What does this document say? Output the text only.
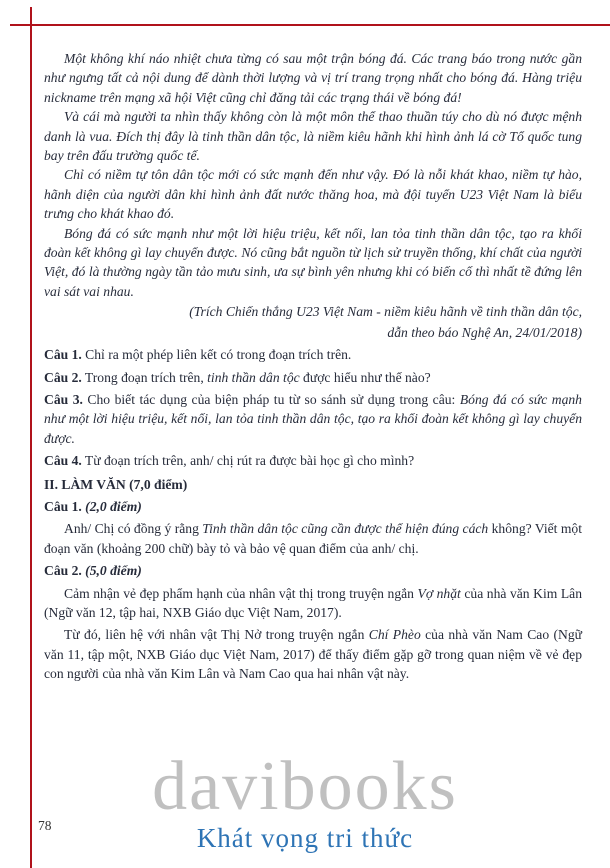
Một không khí náo nhiệt chưa từng có sau một trận bóng đá. Các trang báo trong nước gần như ngưng tất cả nội dung để dành thời lượng và vị trí trang trọng nhất cho bóng đá. Hàng triệu nickname trên mạng xã hội Việt cũng chỉ đăng tải các trạng thái về bóng đá!

Và cái mà người ta nhìn thấy không còn là một môn thể thao thuần túy cho dù nó được mệnh danh là vua. Đích thị đây là tinh thần dân tộc, là niềm kiêu hãnh khi hình ảnh lá cờ Tổ quốc tung bay trên đấu trường quốc tế.

Chỉ có niềm tự tôn dân tộc mới có sức mạnh đến như vậy. Đó là nỗi khát khao, niềm tự hào, hãnh diện của người dân khi hình ảnh đất nước thăng hoa, mà đội tuyển U23 Việt Nam là biểu trưng cho khát khao đó.

Bóng đá có sức mạnh như một lời hiệu triệu, kết nối, lan tỏa tinh thần dân tộc, tạo ra khối đoàn kết không gì lay chuyển được. Nó cũng bắt nguồn từ lịch sử truyền thống, khí chất của người Việt, đó là thường ngày tần tảo mưu sinh, ưa sự bình yên nhưng khi có biến cố thì nhất tề đứng lên vai sát vai nhau.

(Trích Chiến thắng U23 Việt Nam - niềm kiêu hãnh về tinh thần dân tộc,

dẫn theo báo Nghệ An, 24/01/2018)

Câu 1. Chỉ ra một phép liên kết có trong đoạn trích trên.

Câu 2. Trong đoạn trích trên, tinh thần dân tộc được hiểu như thế nào?

Câu 3. Cho biết tác dụng của biện pháp tu từ so sánh sử dụng trong câu: Bóng đá có sức mạnh như một lời hiệu triệu, kết nối, lan tỏa tinh thần dân tộc, tạo ra khối đoàn kết không gì lay chuyển được.

Câu 4. Từ đoạn trích trên, anh/ chị rút ra được bài học gì cho mình?

II. LÀM VĂN (7,0 điểm)

Câu 1. (2,0 điểm)

Anh/ Chị có đồng ý rằng Tinh thần dân tộc cũng cần được thể hiện đúng cách không? Viết một đoạn văn (khoảng 200 chữ) bày tỏ và bảo vệ quan điểm của anh/ chị.

Câu 2. (5,0 điểm)

Cảm nhận vẻ đẹp phẩm hạnh của nhân vật thị trong truyện ngắn Vợ nhặt của nhà văn Kim Lân (Ngữ văn 12, tập hai, NXB Giáo dục Việt Nam, 2017).

Từ đó, liên hệ với nhân vật Thị Nở trong truyện ngắn Chí Phèo của nhà văn Nam Cao (Ngữ văn 11, tập một, NXB Giáo dục Việt Nam, 2017) để thấy điểm gặp gỡ trong quan niệm về vẻ đẹp con người của nhà văn Kim Lân và Nam Cao qua hai nhân vật này.

davibooks
Khát vọng tri thức
78
